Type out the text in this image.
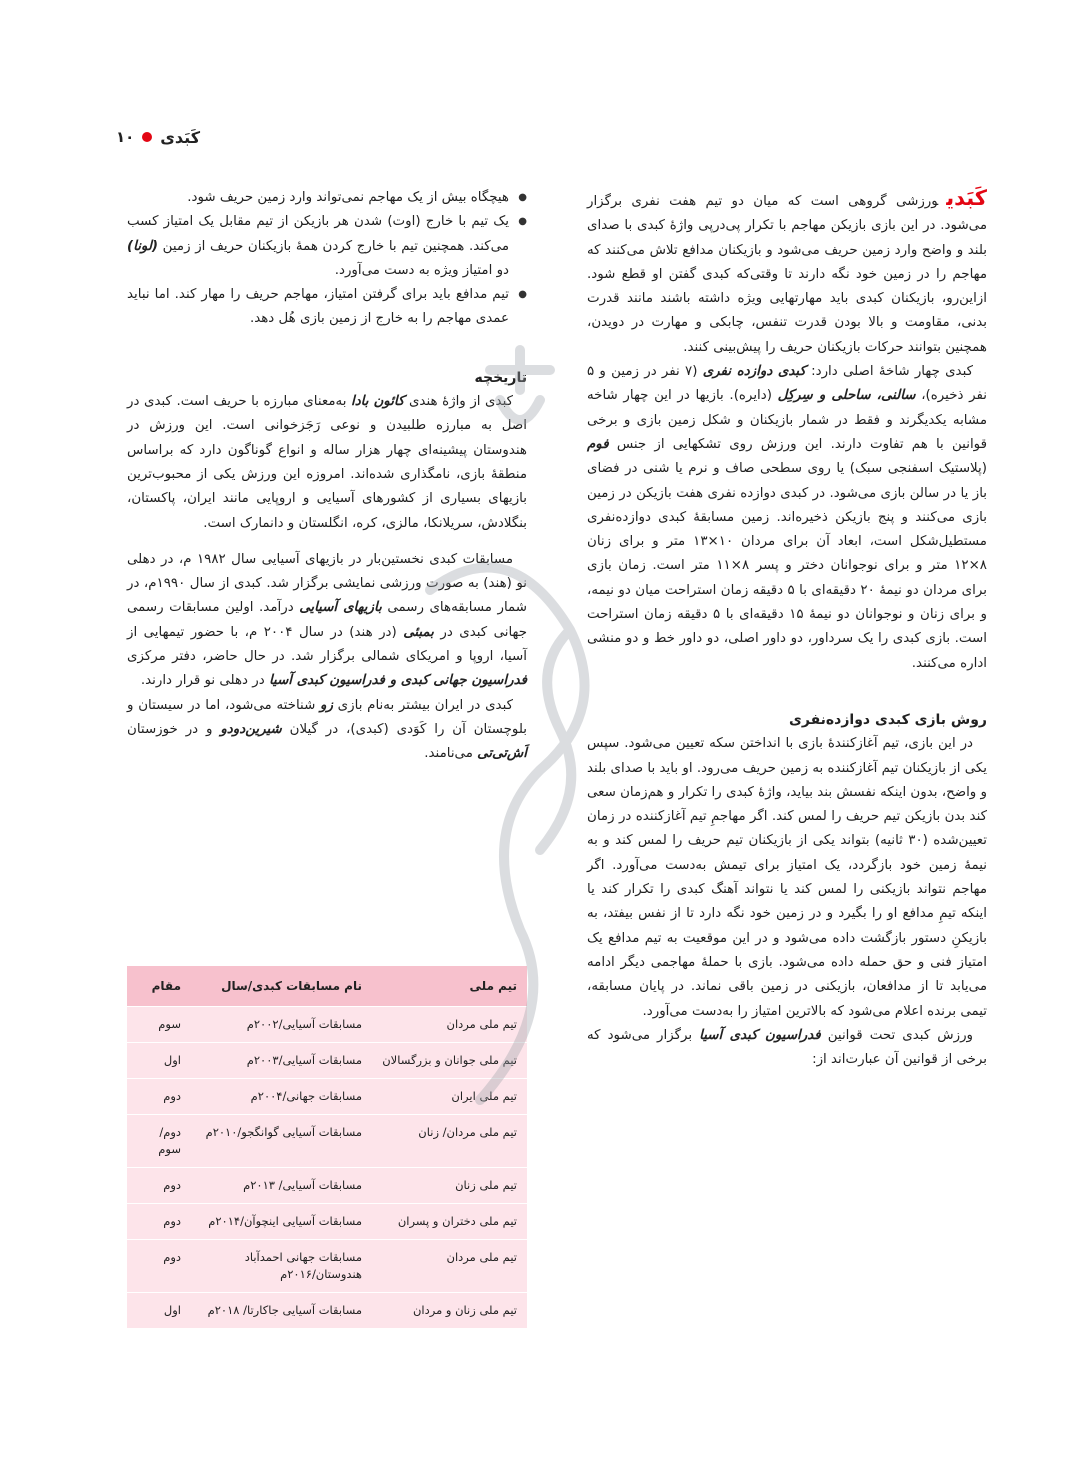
کَبَدی
۱۰

کَبَدیورزشی گروهی است که میان دو تیم هفت نفری برگزار می‌شود. در این بازی بازیکن مهاجم با تکرار پی‌درپی واژهٔ کبدی با صدای بلند و واضح وارد زمین حریف می‌شود و بازیکنان مدافع تلاش می‌کنند که مهاجم را در زمین خود نگه دارند تا وقتی‌که کبدی گفتن او قطع شود. ازاین‌رو، بازیکنان کبدی باید مهارتهایی ویژه داشته باشند مانند قدرت بدنی، مقاومت و بالا بودن قدرت تنفس، چابکی و مهارت در دویدن، همچنین بتوانند حرکات بازیکنان حریف را پیش‌بینی کنند.

کبدی چهار شاخهٔ اصلی دارد: کبدی دوازده نفری (۷ نفر در زمین و ۵ نفر ذخیره)، سالنی، ساحلی و سِرکِل (دایره). بازیها در این چهار شاخه مشابه یکدیگرند و فقط در شمار بازیکنان و شکل زمین بازی و برخی قوانین با هم تفاوت دارند. این ورزش روی تشکهایی از جنس فوم (پلاستیک اسفنجی سبک) یا روی سطحی صاف و نرم یا شنی در فضای باز یا در سالن بازی می‌شود. در کبدی دوازده نفری هفت بازیکن در زمین بازی می‌کنند و پنج بازیکن ذخیره‌اند. زمین مسابقهٔ کبدی دوازده‌نفری مستطیل‌شکل است، ابعاد آن برای مردان ۱۰×۱۳ متر و برای زنان ۸×۱۲ متر و برای نوجوانان دختر و پسر ۸×۱۱ متر است. زمان بازی برای مردان دو نیمهٔ ۲۰ دقیقه‌ای با ۵ دقیقه زمان استراحت میان دو نیمه، و برای زنان و نوجوانان دو نیمهٔ ۱۵ دقیقه‌ای با ۵ دقیقه زمان استراحت است. بازی کبدی را یک سرداور، دو داور اصلی، دو داور خط و دو منشی اداره می‌کنند.

روش بازی کبدی دوازده‌نفری

در این بازی، تیم آغازکنندهٔ بازی با انداختن سکه تعیین می‌شود. سپس یکی از بازیکنان تیم آغازکننده به زمین حریف می‌رود. او باید با صدای بلند و واضح، بدون اینکه نفسش بند بیاید، واژهٔ کبدی را تکرار و هم‌زمان سعی کند بدن بازیکن تیم حریف را لمس کند. اگر مهاجمِ تیم آغازکننده در زمان تعیین‌شده (۳۰ ثانیه) بتواند یکی از بازیکنان تیم حریف را لمس کند و به نیمهٔ زمین خود بازگردد، یک امتیاز برای تیمش به‌دست می‌آورد. اگر مهاجم نتواند بازیکنی را لمس کند یا نتواند آهنگ کبدی را تکرار کند یا اینکه تیمِ مدافع او را بگیرد و در زمین خود نگه دارد تا از نفس بیفتد، به بازیکنِ دستور بازگشت داده می‌شود و در این موقعیت به تیم مدافع یک امتیاز فنی و حق حمله داده می‌شود. بازی با حملهٔ مهاجمی دیگر ادامه می‌یابد تا از مدافعان، بازیکنی در زمین باقی نماند. در پایان مسابقه، تیمی برنده اعلام می‌شود که بالاترین امتیاز را به‌دست می‌آورد.

ورزش کبدی تحت قوانین فدراسیون کبدی آسیا برگزار می‌شود که برخی از قوانین آن عبارت‌اند از:

● هیچگاه بیش از یک مهاجم نمی‌تواند وارد زمین حریف شود.
● یک تیم با خارج (اوت) شدن هر بازیکن از تیم مقابل یک امتیاز کسب می‌کند. همچنین تیم با خارج کردن همهٔ بازیکنان حریف از زمین (لونا) دو امتیاز ویژه به دست می‌آورد.
● تیم مدافع باید برای گرفتن امتیاز، مهاجم حریف را مهار کند. اما نباید عمدی مهاجم را به خارج از زمین بازی هُل دهد.

تاریخچه

کبدی از واژهٔ هندی کائون بادا به‌معنای مبارزه با حریف است. کبدی در اصل به مبارزه طلبیدن و نوعی رَجَزخوانی است. این ورزش در هندوستان پیشینه‌ای چهار هزار ساله و انواع گوناگون دارد که براساس منطقهٔ بازی، نامگذاری شده‌اند. امروزه این ورزش یکی از محبوب‌ترین بازیهای بسیاری از کشورهای آسیایی و اروپایی مانند ایران، پاکستان، بنگلادش، سریلانکا، مالزی، کره، انگلستان و دانمارک است.

مسابقات کبدی نخستین‌بار در بازیهای آسیایی سال ۱۹۸۲ م، در دهلی نو (هند) به صورت ورزشی نمایشی برگزار شد. کبدی از سال ۱۹۹۰م، در شمار مسابقه‌های رسمی بازیهای آسیایی درآمد. اولین مسابقات رسمی جهانی کبدی در بمبئی (در هند) در سال ۲۰۰۴ م، با حضور تیمهایی از آسیا، اروپا و امریکای شمالی برگزار شد. در حال حاضر، دفتر مرکزی فدراسیون جهانی کبدی و فدراسیون کبدی آسیا در دهلی نو قرار دارند.

کبدی در ایران بیشتر به‌نام بازی زو شناخته می‌شود، اما در سیستان و بلوچستان آن را کَوَدی (کبدی)، در گیلان شیرین‌دودو و در خوزستان اَش‌تی‌تی می‌نامند.

تیم ملی	نام مسابقات کبدی/سال	مقام
تیم ملی مردان	مسابقات آسیایی/۲۰۰۲م	سوم
تیم ملی جوانان و بزرگسالان	مسابقات آسیایی/۲۰۰۳م	اول
تیم ملی ایران	مسابقات جهانی/۲۰۰۴م	دوم
تیم ملی مردان/ زنان	مسابقات آسیایی گوانگجو/۲۰۱۰م	دوم/ سوم
تیم ملی زنان	مسابقات آسیایی/ ۲۰۱۳م	دوم
تیم ملی دختران و پسران	مسابقات آسیایی اینچوآن/۲۰۱۴م	دوم
تیم ملی مردان	مسابقات جهانی احمدآباد هندوستان/۲۰۱۶م	دوم
تیم ملی زنان و مردان	مسابقات آسیایی جاکارتا/ ۲۰۱۸م	اول
